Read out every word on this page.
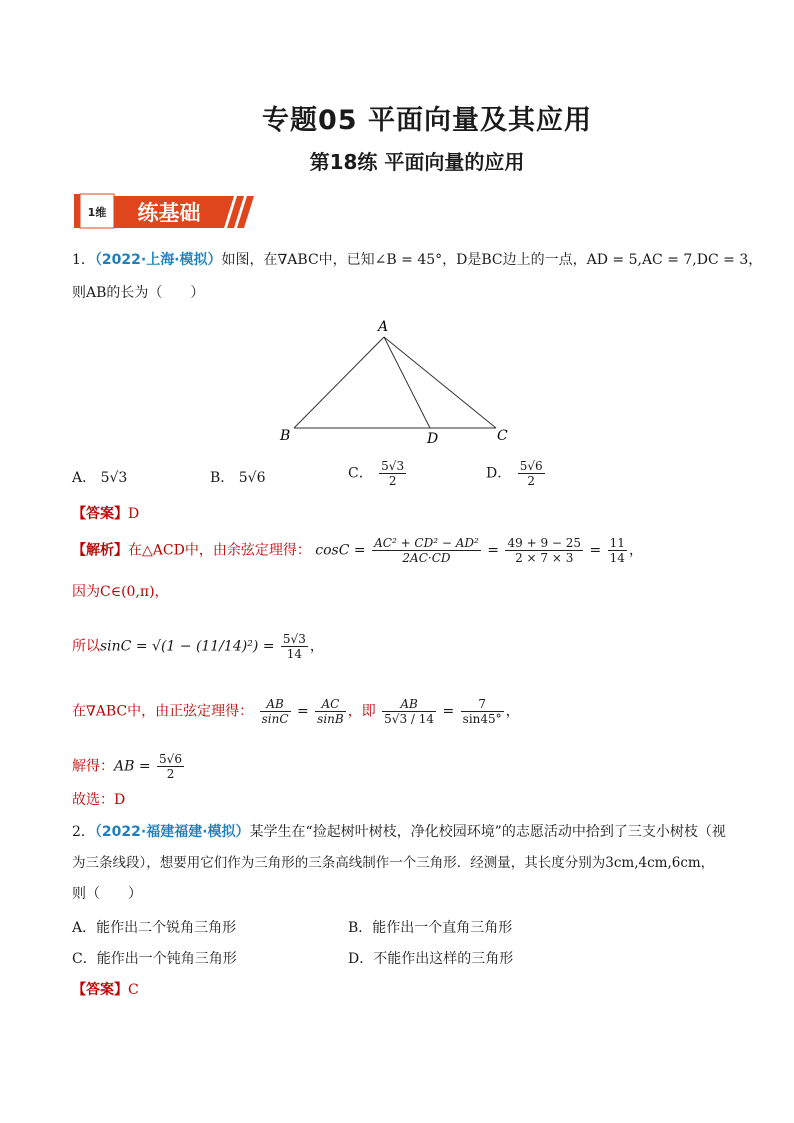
专题05 平面向量及其应用
第18练 平面向量的应用
1维 练基础
1．（2022·上海·模拟）如图，在∇ABC中，已知∠B = 45°，D是BC边上的一点，AD = 5,AC = 7,DC = 3，
则AB的长为（　　）
A
B	D	C
A． 5√3	B． 5√6	C． $\frac{5√3}{2}$	D． $\frac{5√6}{2}$
【答案】D
【解析】在△ACD中，由余弦定理得： $\cos C = \frac{\text{AC² + CD² − AD²}}{2AC\cdot CD} = \frac{49 + 9 - 25}{2 \times 7 \times 3} = \frac{11}{14}$ ，
因为C∈(0,π)，
所以$\sin C = √(1 - (11/14)^2) = \frac{5√3}{14}$ ，
在∇ABC中，由正弦定理得： $\frac{AB}{\sin C} = \frac{AC}{\sin B}$ ，即 $\frac{AB}{5√3 / 14} = \frac{7}{\sin 45^\circ}$ ，
解得：AB = $\frac{5√6}{2}$
故选：D
2．（2022·福建福建·模拟）某学生在“捡起树叶树枝，净化校园环境”的志愿活动中拾到了三支小树枝（视
为三条线段），想要用它们作为三角形的三条高线制作一个三角形．经测量，其长度分别为3cm,4cm,6cm，
则（　　）
A．能作出二个锐角三角形	B．能作出一个直角三角形
C．能作出一个钝角三角形	D．不能作出这样的三角形
【答案】C
